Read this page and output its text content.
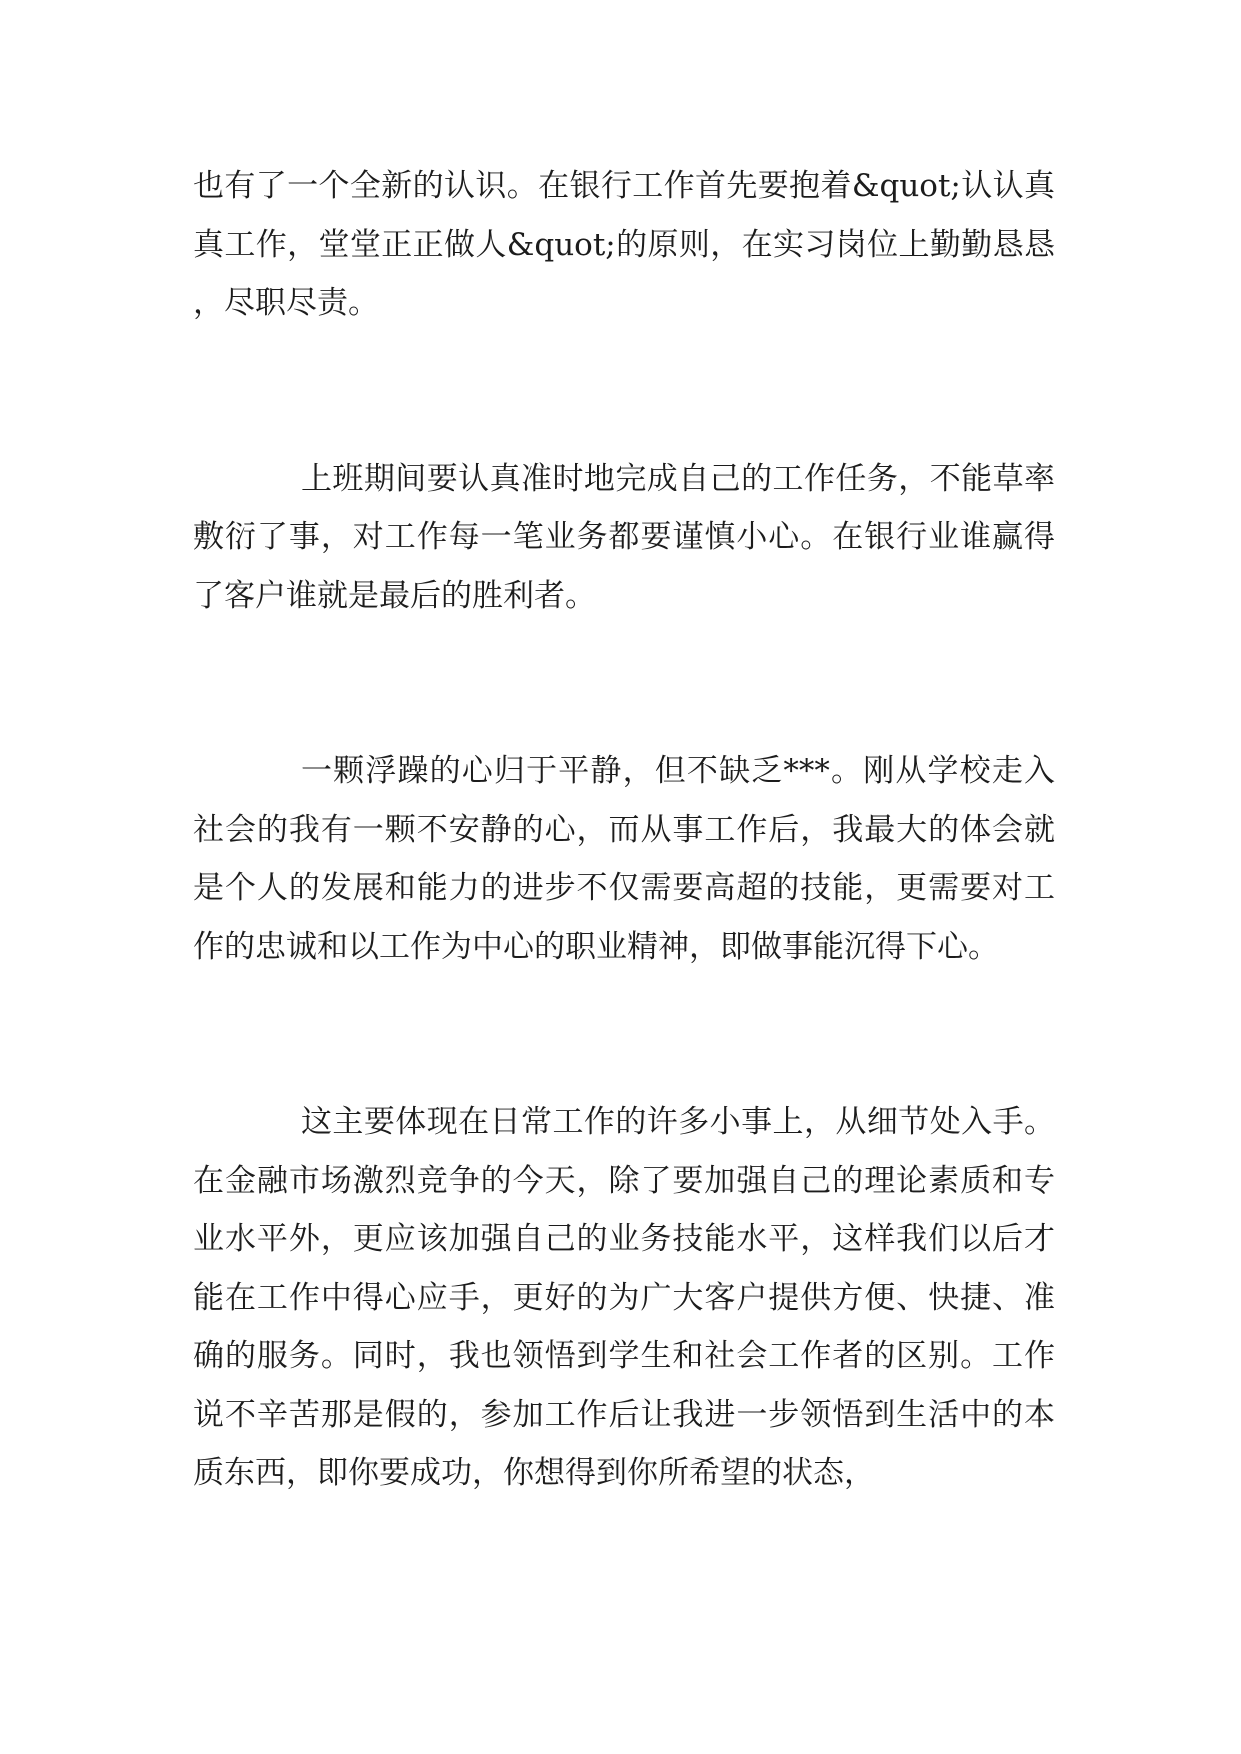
也有了一个全新的认识。在银行工作首先要抱着&quot;认认真真工作，堂堂正正做人&quot;的原则，在实习岗位上勤勤恳恳，尽职尽责。

上班期间要认真准时地完成自己的工作任务，不能草率敷衍了事，对工作每一笔业务都要谨慎小心。在银行业谁赢得了客户谁就是最后的胜利者。

一颗浮躁的心归于平静，但不缺乏***。刚从学校走入社会的我有一颗不安静的心，而从事工作后，我最大的体会就是个人的发展和能力的进步不仅需要高超的技能，更需要对工作的忠诚和以工作为中心的职业精神，即做事能沉得下心。

这主要体现在日常工作的许多小事上，从细节处入手。在金融市场激烈竞争的今天，除了要加强自己的理论素质和专业水平外，更应该加强自己的业务技能水平，这样我们以后才能在工作中得心应手，更好的为广大客户提供方便、快捷、准确的服务。同时，我也领悟到学生和社会工作者的区别。工作说不辛苦那是假的，参加工作后让我进一步领悟到生活中的本质东西，即你要成功，你想得到你所希望的状态，
